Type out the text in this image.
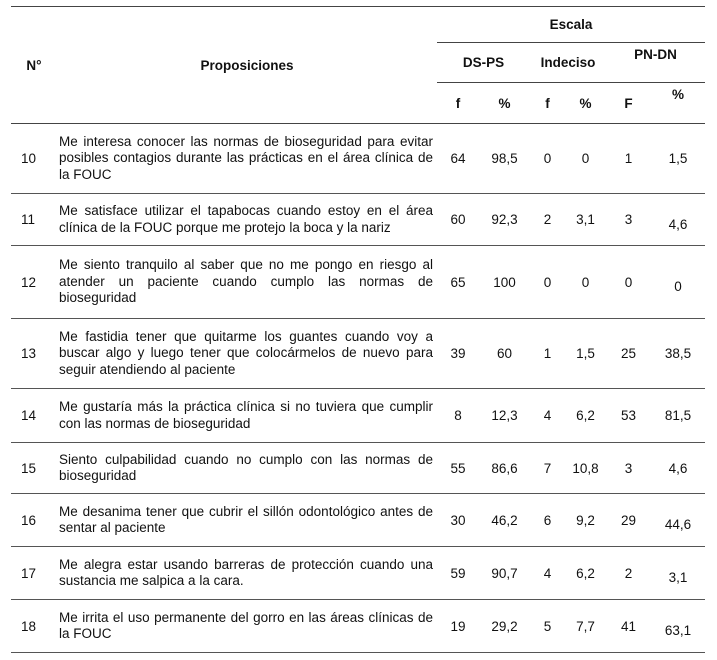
N°	Proposiciones	Escala					
		DS-PS		Indeciso		PN-DN	
		f	%	f	%	F	%
10	Me interesa conocer las normas de bioseguridad para evitar posibles contagios durante las prácticas en el área clínica de la FOUC	64	98,5	0	0	1	1,5
11	Me satisface utilizar el tapabocas cuando estoy en el área clínica de la FOUC porque me protejo la boca y la nariz	60	92,3	2	3,1	3	4,6
12	Me siento tranquilo al saber que no me pongo en riesgo al atender un paciente cuando cumplo las normas de bioseguridad	65	100	0	0	0	0
13	Me fastidia tener que quitarme los guantes cuando voy a buscar algo y luego tener que colocármelos de nuevo para seguir atendiendo al paciente	39	60	1	1,5	25	38,5
14	Me gustaría más la práctica clínica si no tuviera que cumplir con las normas de bioseguridad	8	12,3	4	6,2	53	81,5
15	Siento culpabilidad cuando no cumplo con las normas de bioseguridad	55	86,6	7	10,8	3	4,6
16	Me desanima tener que cubrir el sillón odontológico antes de sentar al paciente	30	46,2	6	9,2	29	44,6
17	Me alegra estar usando barreras de protección cuando una sustancia me salpica a la cara.	59	90,7	4	6,2	2	3,1
18	Me irrita el uso permanente del gorro en las áreas clínicas de la FOUC	19	29,2	5	7,7	41	63,1
